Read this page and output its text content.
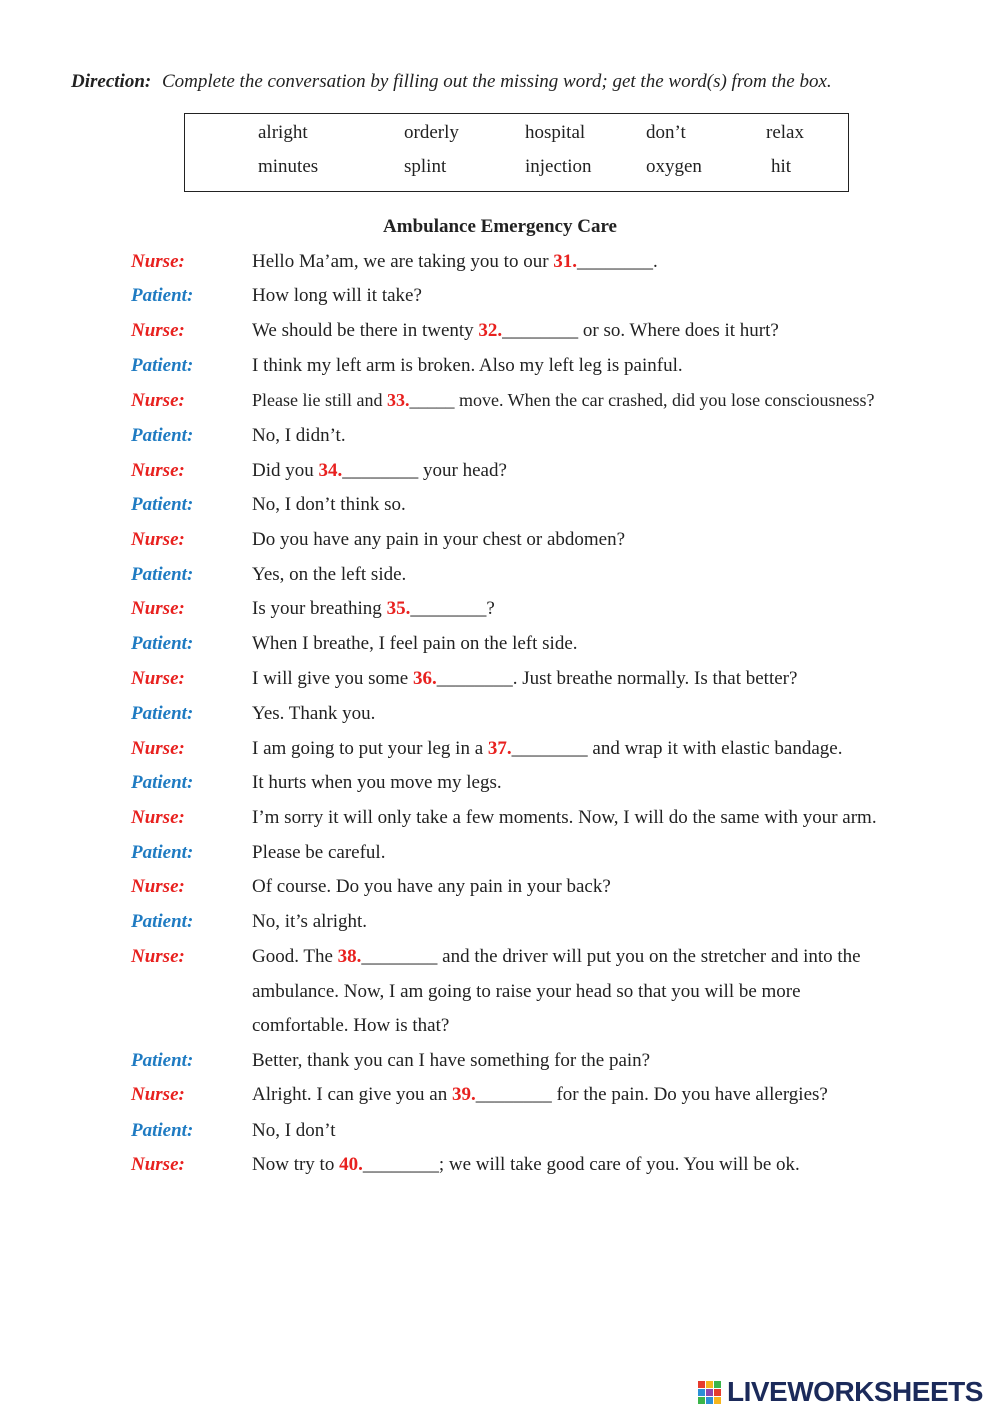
Direction: Complete the conversation by filling out the missing word; get the word(s) from the box.
alright	orderly	hospital	don’t	relax
minutes	splint	injection	oxygen	hit
Ambulance Emergency Care
Nurse:	Hello Ma’am, we are taking you to our 31.________.
Patient:	How long will it take?
Nurse:	We should be there in twenty 32.________ or so. Where does it hurt?
Patient:	I think my left arm is broken. Also my left leg is painful.
Nurse:	Please lie still and 33._____ move. When the car crashed, did you lose consciousness?
Patient:	No, I didn’t.
Nurse:	Did you 34.________ your head?
Patient:	No, I don’t think so.
Nurse:	Do you have any pain in your chest or abdomen?
Patient:	Yes, on the left side.
Nurse:	Is your breathing 35.________?
Patient:	When I breathe, I feel pain on the left side.
Nurse:	I will give you some 36.________. Just breathe normally. Is that better?
Patient:	Yes. Thank you.
Nurse:	I am going to put your leg in a 37.________ and wrap it with elastic bandage.
Patient:	It hurts when you move my legs.
Nurse:	I’m sorry it will only take a few moments. Now, I will do the same with your arm.
Patient:	Please be careful.
Nurse:	Of course. Do you have any pain in your back?
Patient:	No, it’s alright.
Nurse:	Good. The 38.________ and the driver will put you on the stretcher and into the
ambulance. Now, I am going to raise your head so that you will be more
comfortable. How is that?
Patient:	Better, thank you can I have something for the pain?
Nurse:	Alright. I can give you an 39.________ for the pain. Do you have allergies?
Patient:	No, I don’t
Nurse:	Now try to 40.________; we will take good care of you. You will be ok.
LIVEWORKSHEETS
